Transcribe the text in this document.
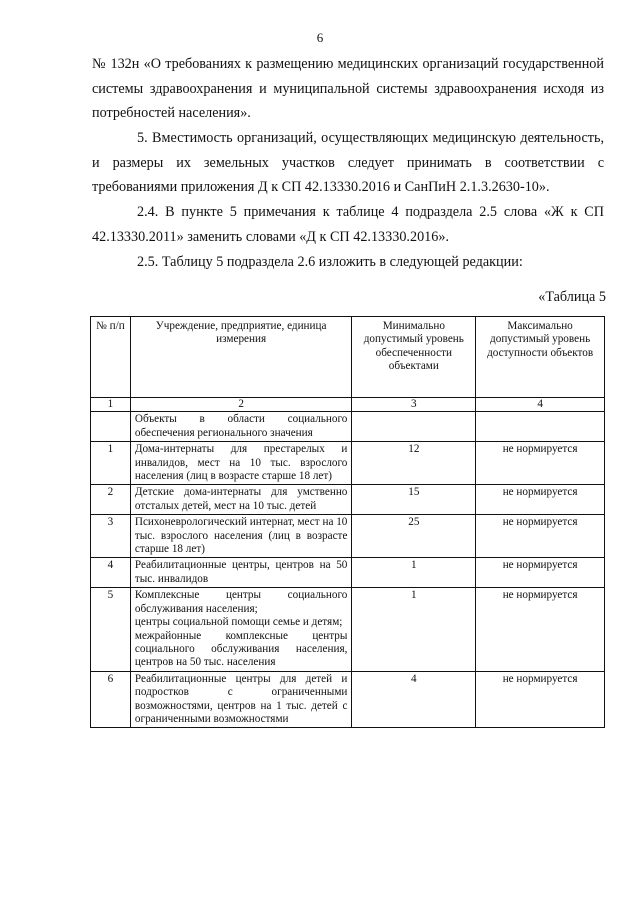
6

№ 132н «О требованиях к размещению медицинских организаций государственной системы здравоохранения и муниципальной системы здравоохранения исходя из потребностей населения».

5. Вместимость организаций, осуществляющих медицинскую деятельность, и размеры их земельных участков следует принимать в соответствии с требованиями приложения Д к СП 42.13330.2016 и СанПиН 2.1.3.2630-10».

2.4. В пункте 5 примечания к таблице 4 подраздела 2.5 слова «Ж к СП 42.13330.2011» заменить словами «Д к СП 42.13330.2016».

2.5. Таблицу 5 подраздела 2.6 изложить в следующей редакции:

«Таблица 5
№ п/п	Учреждение, предприятие, единица измерения	Минимально допустимый уровень обеспеченности объектами	Максимально допустимый уровень доступности объектов
1	2	3	4
	Объекты в области социального обеспечения регионального значения		
1	Дома-интернаты для престарелых и инвалидов, мест на 10 тыс. взрослого населения (лиц в возрасте старше 18 лет)	12	не нормируется
2	Детские дома-интернаты для умственно отсталых детей, мест на 10 тыс. детей	15	не нормируется
3	Психоневрологический интернат, мест на 10 тыс. взрослого населения (лиц в возрасте старше 18 лет)	25	не нормируется
4	Реабилитационные центры, центров на 50 тыс. инвалидов	1	не нормируется
5	Комплексные центры социального обслуживания населения;
центры социальной помощи семье и детям;
межрайонные комплексные центры социального обслуживания населения, центров на 50 тыс. населения	1	не нормируется
6	Реабилитационные центры для детей и подростков с ограниченными возможностями, центров на 1 тыс. детей с ограниченными возможностями	4	не нормируется
